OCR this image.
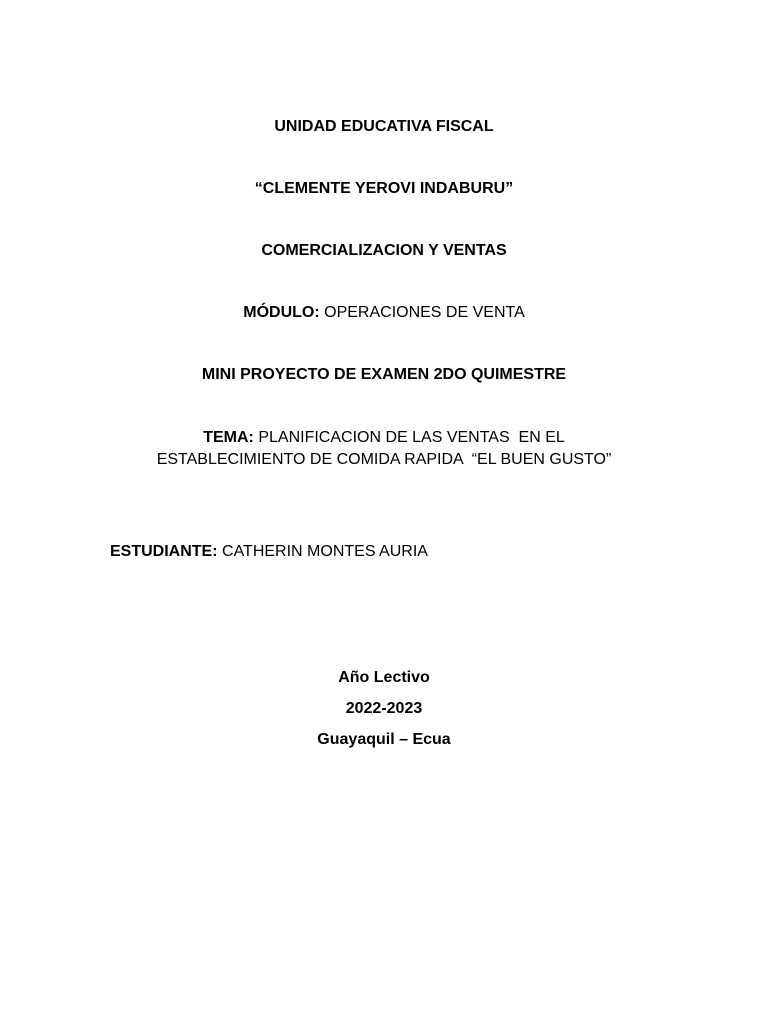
UNIDAD EDUCATIVA FISCAL
“CLEMENTE YEROVI INDABURU”
COMERCIALIZACION Y VENTAS
MÓDULO: OPERACIONES DE VENTA
MINI PROYECTO DE EXAMEN 2DO QUIMESTRE
TEMA: PLANIFICACION DE LAS VENTAS  EN EL
ESTABLECIMIENTO DE COMIDA RAPIDA  “EL BUEN GUSTO”
ESTUDIANTE: CATHERIN MONTES AURIA
Año Lectivo
2022-2023
Guayaquil – Ecua
